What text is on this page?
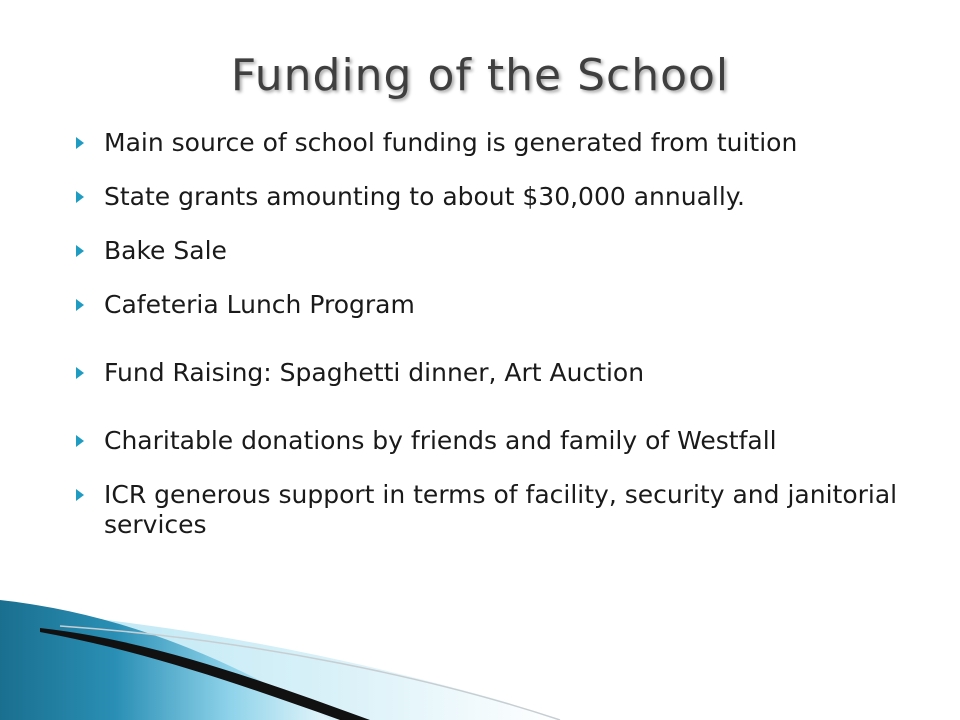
Funding of the School
Main source of school funding is generated from tuition
State grants amounting to about $30,000 annually.
Bake Sale
Cafeteria Lunch Program
Fund Raising: Spaghetti dinner, Art Auction
Charitable donations by friends and family of Westfall
ICR generous support in terms of facility, security and janitorial services
